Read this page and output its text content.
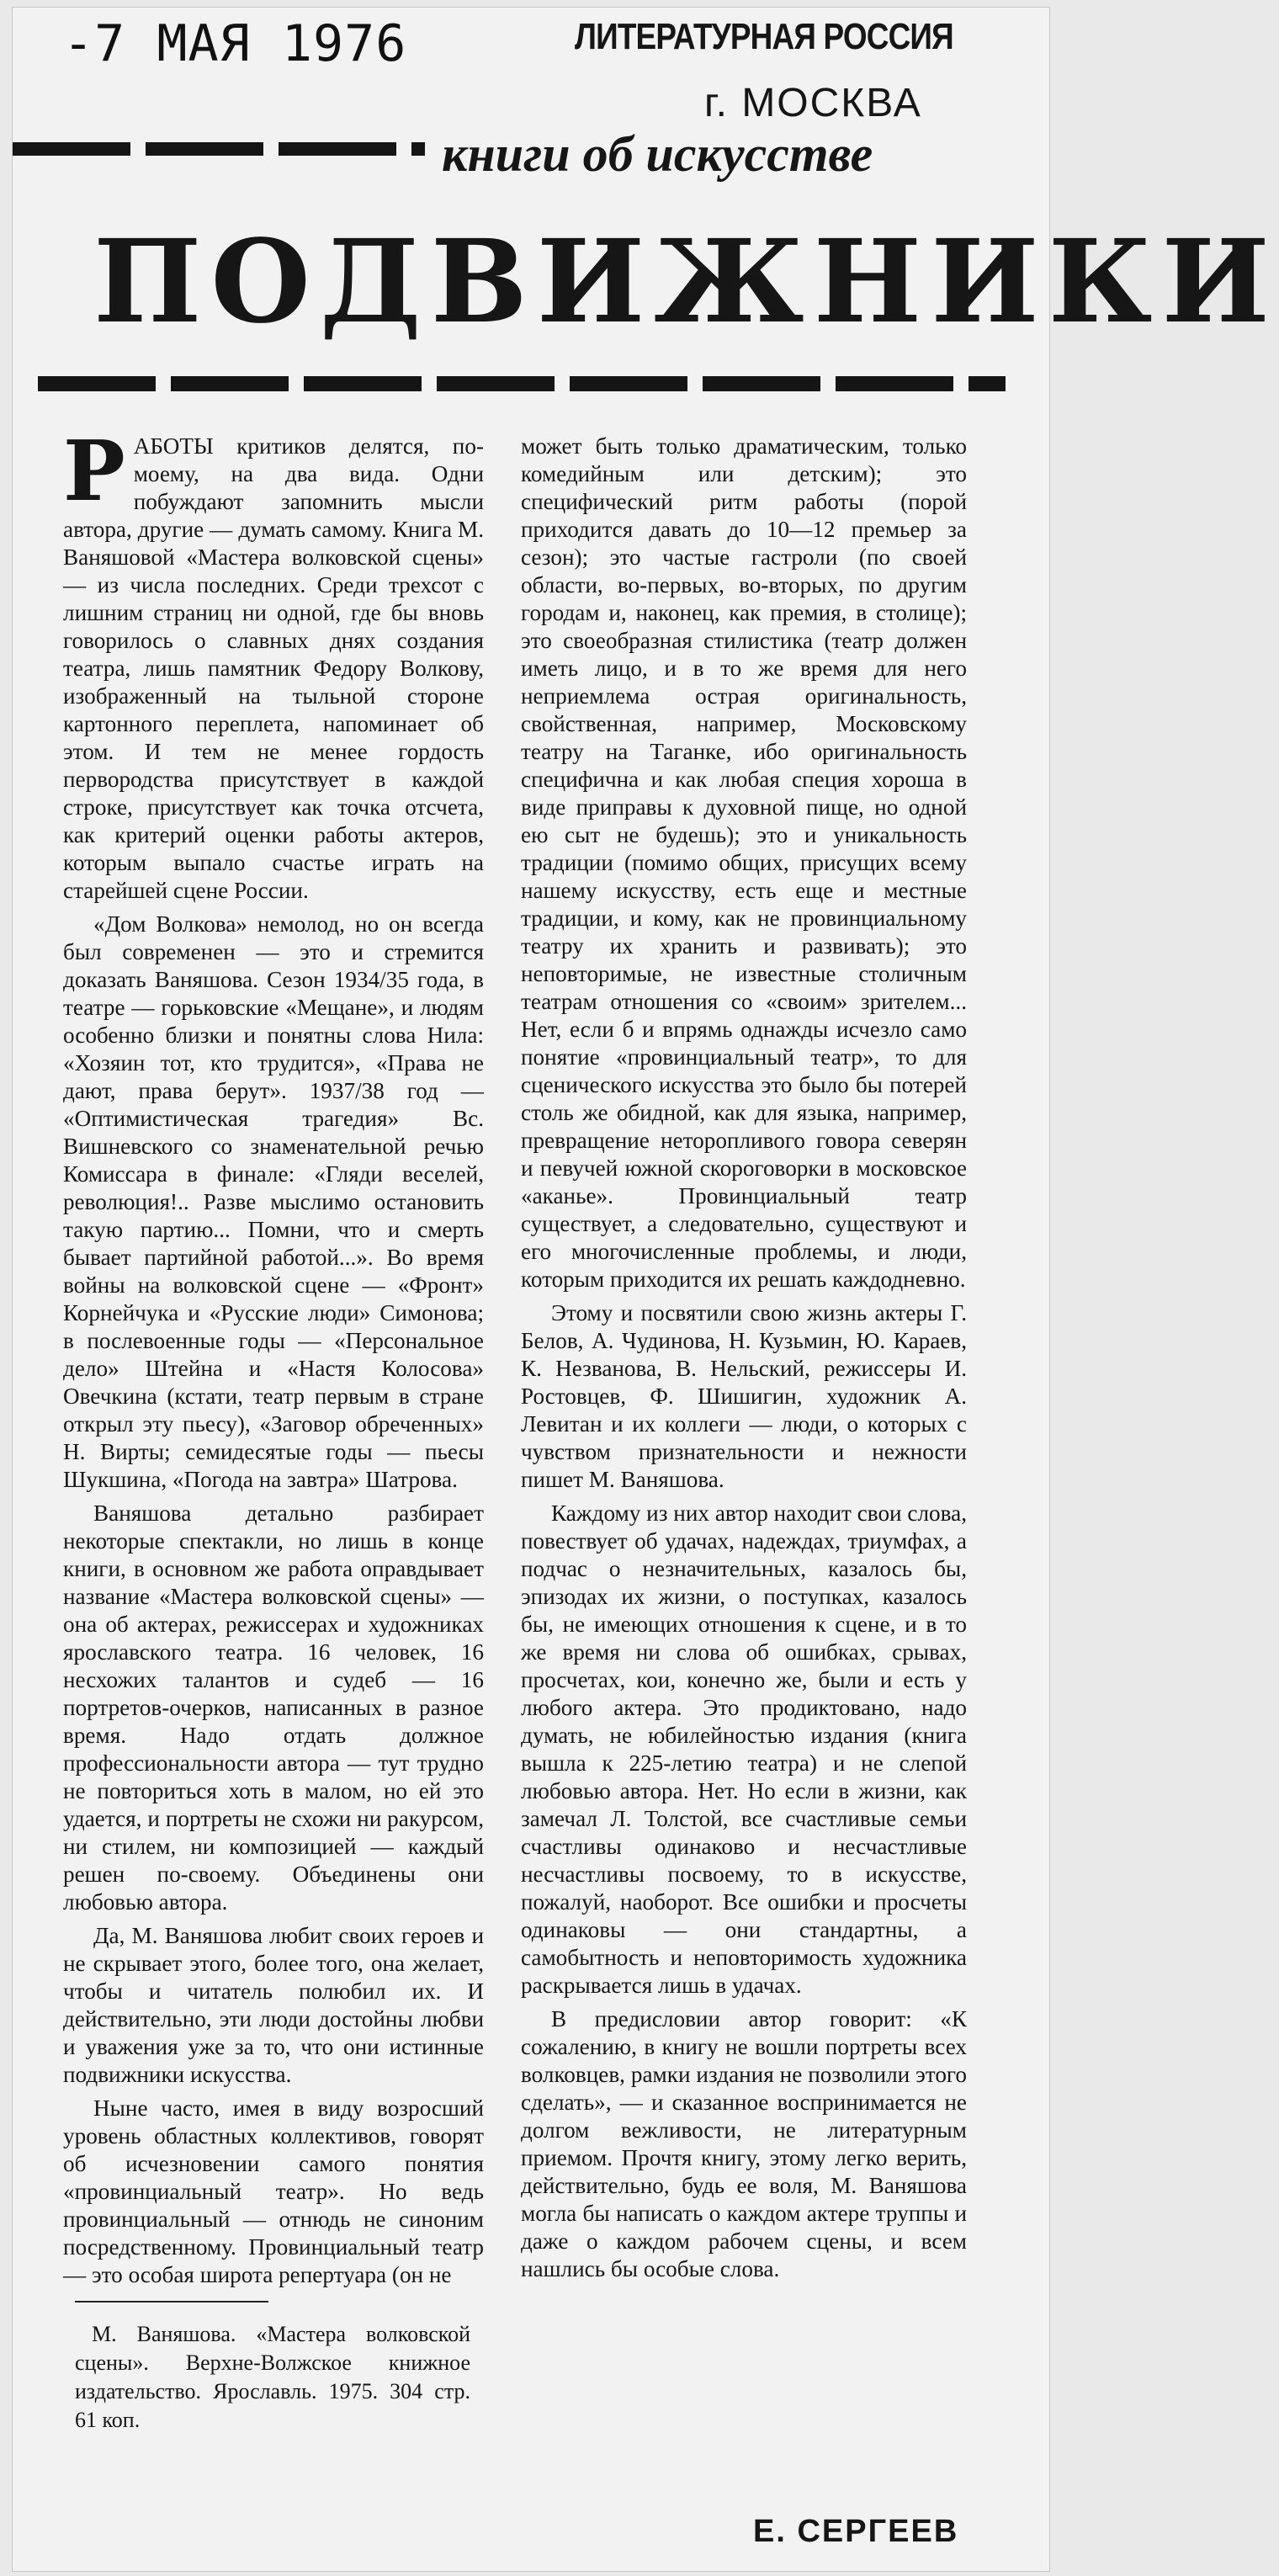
-7 МАЯ 1976	ЛИТЕРАТУРНАЯ РОССИЯ
г. МОСКВА
книги об искусстве
ПОДВИЖНИКИ

РАБОТЫ критиков делятся, по-моему, на два вида. Одни побуждают запомнить мысли автора, другие — думать самому. Книга М. Ваняшовой «Мастера волковской сцены» — из числа последних. Среди трехсот с лишним страниц ни одной, где бы вновь говорилось о славных днях создания театра, лишь памятник Федору Волкову, изображенный на тыльной стороне картонного переплета, напоминает об этом. И тем не менее гордость первородства присутствует в каждой строке, присутствует как точка отсчета, как критерий оценки работы актеров, которым выпало счастье играть на старейшей сцене России.

«Дом Волкова» немолод, но он всегда был современен — это и стремится доказать Ваняшова. Сезон 1934/35 года, в театре — горьковские «Мещане», и людям особенно близки и понятны слова Нила: «Хозяин тот, кто трудится», «Права не дают, права берут». 1937/38 год — «Оптимистическая трагедия» Вс. Вишневского со знаменательной речью Комиссара в финале: «Гляди веселей, революция!.. Разве мыслимо остановить такую партию... Помни, что и смерть бывает партийной работой...». Во время войны на волковской сцене — «Фронт» Корнейчука и «Русские люди» Симонова; в послевоенные годы — «Персональное дело» Штейна и «Настя Колосова» Овечкина (кстати, театр первым в стране открыл эту пьесу), «Заговор обреченных» Н. Вирты; семидесятые годы — пьесы Шукшина, «Погода на завтра» Шатрова.

Ваняшова детально разбирает некоторые спектакли, но лишь в конце книги, в основном же работа оправдывает название «Мастера волковской сцены» — она об актерах, режиссерах и художниках ярославского театра. 16 человек, 16 несхожих талантов и судеб — 16 портретов-очерков, написанных в разное время. Надо отдать должное профессиональности автора — тут трудно не повториться хоть в малом, но ей это удается, и портреты не схожи ни ракурсом, ни стилем, ни композицией — каждый решен по-своему. Объединены они любовью автора.

Да, М. Ваняшова любит своих героев и не скрывает этого, более того, она желает, чтобы и читатель полюбил их. И действительно, эти люди достойны любви и уважения уже за то, что они истинные подвижники искусства.

Ныне часто, имея в виду возросший уровень областных коллективов, говорят об исчезновении самого понятия «провинциальный театр». Но ведь провинциальный — отнюдь не синоним посредственному. Провинциальный театр — это особая широта репертуара (он не

может быть только драматическим, только комедийным или детским); это специфический ритм работы (порой приходится давать до 10—12 премьер за сезон); это частые гастроли (по своей области, во-первых, во-вторых, по другим городам и, наконец, как премия, в столице); это своеобразная стилистика (театр должен иметь лицо, и в то же время для него неприемлема острая оригинальность, свойственная, например, Московскому театру на Таганке, ибо оригинальность специфична и как любая специя хороша в виде приправы к духовной пище, но одной ею сыт не будешь); это и уникальность традиции (помимо общих, присущих всему нашему искусству, есть еще и местные традиции, и кому, как не провинциальному театру их хранить и развивать); это неповторимые, не известные столичным театрам отношения со «своим» зрителем... Нет, если б и впрямь однажды исчезло само понятие «провинциальный театр», то для сценического искусства это было бы потерей столь же обидной, как для языка, например, превращение неторопливого говора северян и певучей южной скороговорки в московское «аканье». Провинциальный театр существует, а следовательно, существуют и его многочисленные проблемы, и люди, которым приходится их решать каждодневно.

Этому и посвятили свою жизнь актеры Г. Белов, А. Чудинова, Н. Кузьмин, Ю. Караев, К. Незванова, В. Нельский, режиссеры И. Ростовцев, Ф. Шишигин, художник А. Левитан и их коллеги — люди, о которых с чувством признательности и нежности пишет М. Ваняшова.

Каждому из них автор находит свои слова, повествует об удачах, надеждах, триумфах, а подчас о незначительных, казалось бы, эпизодах их жизни, о поступках, казалось бы, не имеющих отношения к сцене, и в то же время ни слова об ошибках, срывах, просчетах, кои, конечно же, были и есть у любого актера. Это продиктовано, надо думать, не юбилейностью издания (книга вышла к 225-летию театра) и не слепой любовью автора. Нет. Но если в жизни, как замечал Л. Толстой, все счастливые семьи счастливы одинаково и несчастливые несчастливы посвоему, то в искусстве, пожалуй, наоборот. Все ошибки и просчеты одинаковы — они стандартны, а самобытность и неповторимость художника раскрывается лишь в удачах.

В предисловии автор говорит: «К сожалению, в книгу не вошли портреты всех волковцев, рамки издания не позволили этого сделать», — и сказанное воспринимается не долгом вежливости, не литературным приемом. Прочтя книгу, этому легко верить, действительно, будь ее воля, М. Ваняшова могла бы написать о каждом актере труппы и даже о каждом рабочем сцены, и всем нашлись бы особые слова.

М. Ваняшова. «Мастера волковской сцены». Верхне-Волжское книжное издательство. Ярославль. 1975. 304 стр. 61 коп.
Е. СЕРГЕЕВ
